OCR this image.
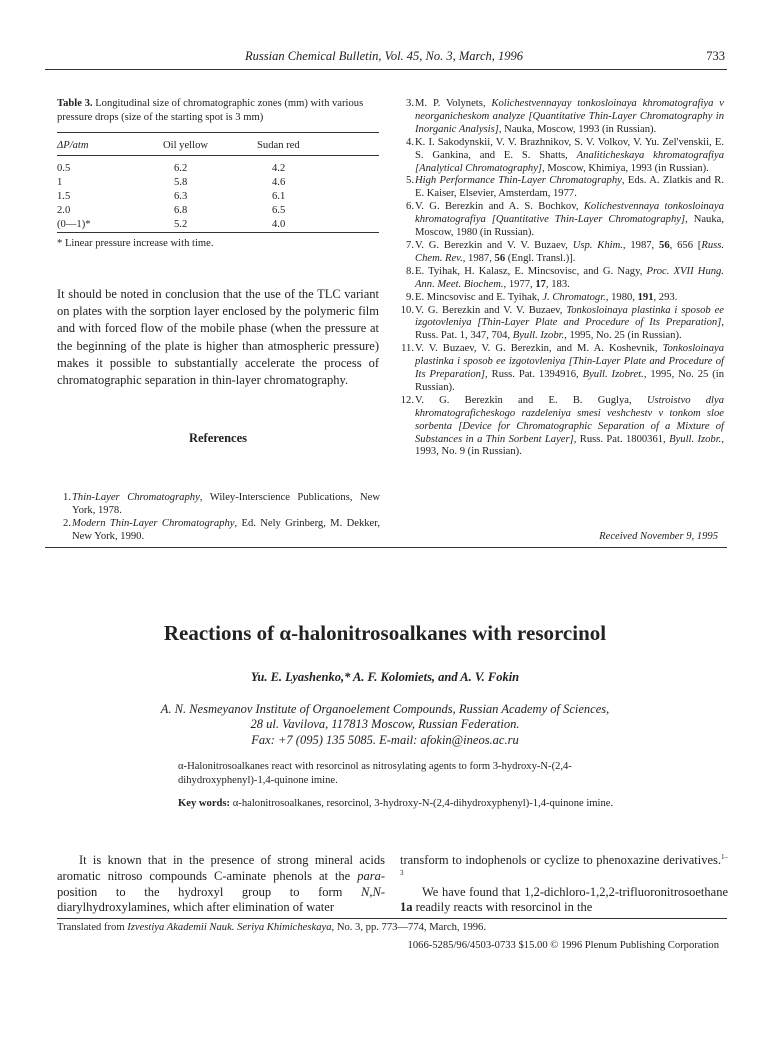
Russian Chemical Bulletin, Vol. 45, No. 3, March, 1996	733
Table 3. Longitudinal size of chromatographic zones (mm) with various pressure drops (size of the starting spot is 3 mm)
ΔP/atm	Oil yellow	Sudan red
0.5	6.2	4.2
1	5.8	4.6
1.5	6.3	6.1
2.0	6.8	6.5
(0—1)*	5.2	4.0
* Linear pressure increase with time.
It should be noted in conclusion that the use of the TLC variant on plates with the sorption layer enclosed by the polymeric film and with forced flow of the mobile phase (when the pressure at the beginning of the plate is higher than atmospheric pressure) makes it possible to substantially accelerate the process of chromatographic separation in thin-layer chromatography.
References
1. Thin-Layer Chromatography, Wiley-Interscience Publications, New York, 1978.
2. Modern Thin-Layer Chromatography, Ed. Nely Grinberg, M. Dekker, New York, 1990.
3. M. P. Volynets, Kolichestvennayay tonkosloinaya khromatografiya v neorganicheskom analyze [Quantitative Thin-Layer Chromatography in Inorganic Analysis], Nauka, Moscow, 1993 (in Russian).
4. K. I. Sakodynskii, V. V. Brazhnikov, S. V. Volkov, V. Yu. Zel'venskii, E. S. Gankina, and E. S. Shatts, Analiticheskaya khromatografiya [Analytical Chromatography], Moscow, Khimiya, 1993 (in Russian).
5. High Performance Thin-Layer Chromatography, Eds. A. Zlatkis and R. E. Kaiser, Elsevier, Amsterdam, 1977.
6. V. G. Berezkin and A. S. Bochkov, Kolichestvennaya tonkosloinaya khromatografiya [Quantitative Thin-Layer Chromatography], Nauka, Moscow, 1980 (in Russian).
7. V. G. Berezkin and V. V. Buzaev, Usp. Khim., 1987, 56, 656 [Russ. Chem. Rev., 1987, 56 (Engl. Transl.)].
8. E. Tyihak, H. Kalasz, E. Mincsovisc, and G. Nagy, Proc. XVII Hung. Ann. Meet. Biochem., 1977, 17, 183.
9. E. Mincsovisc and E. Tyihak, J. Chromatogr., 1980, 191, 293.
10. V. G. Berezkin and V. V. Buzaev, Tonkosloinaya plastinka i sposob ee izgotovleniya [Thin-Layer Plate and Procedure of Its Preparation], Russ. Pat. 1, 347, 704, Byull. Izobr., 1995, No. 25 (in Russian).
11. V. V. Buzaev, V. G. Berezkin, and M. A. Koshevnik, Tonkosloinaya plastinka i sposob ee izgotovleniya [Thin-Layer Plate and Procedure of Its Preparation], Russ. Pat. 1394916, Byull. Izobret., 1995, No. 25 (in Russian).
12. V. G. Berezkin and E. B. Guglya, Ustroistvo dlya khromatograficheskogo razdeleniya smesi veshchestv v tonkom sloe sorbenta [Device for Chromatographic Separation of a Mixture of Substances in a Thin Sorbent Layer], Russ. Pat. 1800361, Byull. Izobr., 1993, No. 9 (in Russian).
Received November 9, 1995
Reactions of α-halonitrosoalkanes with resorcinol
Yu. E. Lyashenko,* A. F. Kolomiets, and A. V. Fokin
A. N. Nesmeyanov Institute of Organoelement Compounds, Russian Academy of Sciences,
28 ul. Vavilova, 117813 Moscow, Russian Federation.
Fax: +7 (095) 135 5085. E-mail: afokin@ineos.ac.ru
α-Halonitrosoalkanes react with resorcinol as nitrosylating agents to form 3-hydroxy-N-(2,4-dihydroxyphenyl)-1,4-quinone imine.
Key words: α-halonitrosoalkanes, resorcinol, 3-hydroxy-N-(2,4-dihydroxyphenyl)-1,4-quinone imine.
It is known that in the presence of strong mineral acids aromatic nitroso compounds C-aminate phenols at the para-position to the hydroxyl group to form N,N-diarylhydroxylamines, which after elimination of water
transform to indophenols or cyclize to phenoxazine derivatives.$^{1-3}$
We have found that 1,2-dichloro-1,2,2-trifluoronitrosoethane 1a readily reacts with resorcinol in the
Translated from Izvestiya Akademii Nauk. Seriya Khimicheskaya, No. 3, pp. 773—774, March, 1996.
1066-5285/96/4503-0733 $15.00 © 1996 Plenum Publishing Corporation
